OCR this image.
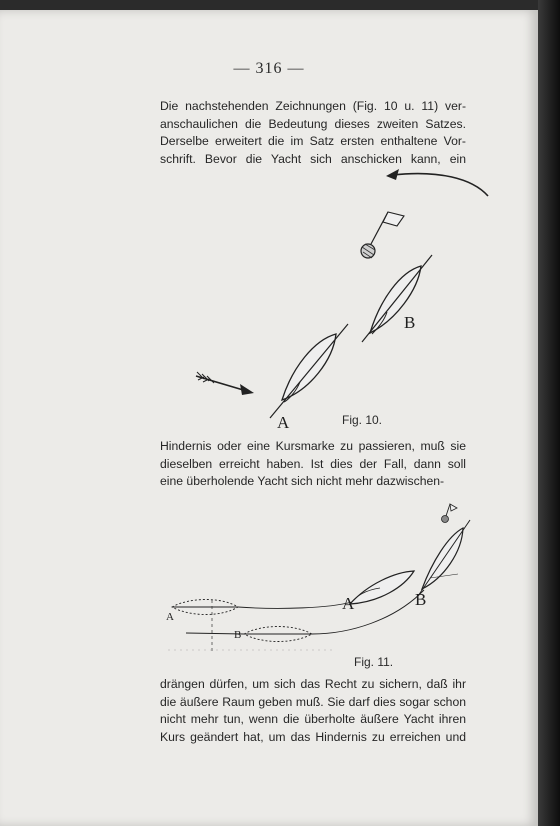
— 316 —
Die nachstehenden Zeichnungen (Fig. 10 u. 11) ver-
anschaulichen die Bedeutung dieses zweiten Satzes.
Derselbe erweitert die im Satz ersten enthaltene Vor-
schrift. Bevor die Yacht sich anschicken kann, ein
B
A	Fig. 10.
Hindernis oder eine Kursmarke zu passieren, muß sie
dieselben erreicht haben. Ist dies der Fall, dann soll
eine überholende Yacht sich nicht mehr dazwischen-
A	B
A
B
Fig. 11.
drängen dürfen, um sich das Recht zu sichern, daß ihr
die äußere Raum geben muß. Sie darf dies sogar schon
nicht mehr tun, wenn die überholte äußere Yacht ihren
Kurs geändert hat, um das Hindernis zu erreichen und
